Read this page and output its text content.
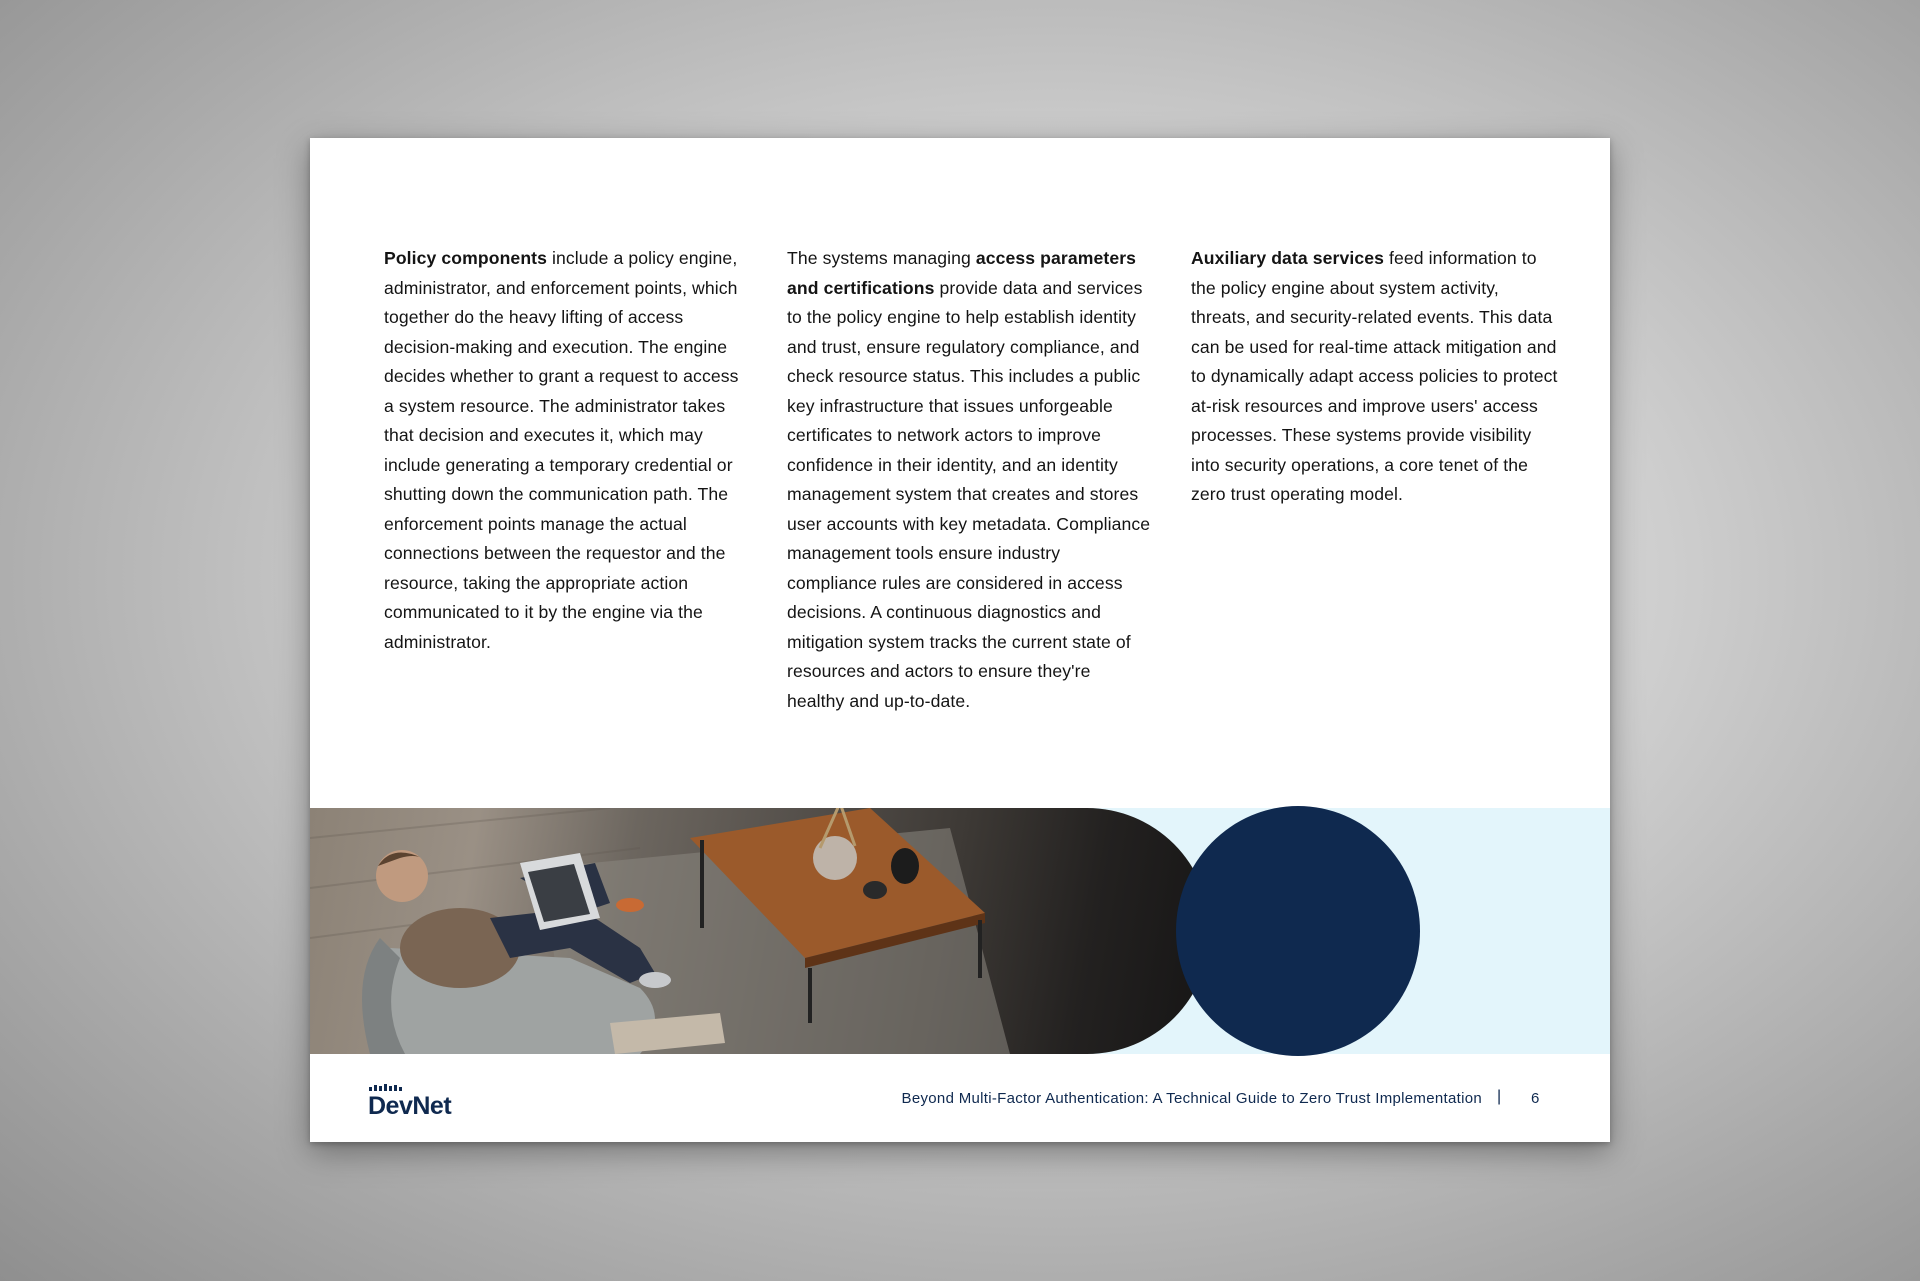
Policy components include a policy engine, administrator, and enforcement points, which together do the heavy lifting of access decision-making and execution. The engine decides whether to grant a request to access a system resource. The administrator takes that decision and executes it, which may include generating a temporary credential or shutting down the communication path. The enforcement points manage the actual connections between the requestor and the resource, taking the appropriate action communicated to it by the engine via the administrator.
The systems managing access parameters and certifications provide data and services to the policy engine to help establish identity and trust, ensure regulatory compliance, and check resource status. This includes a public key infrastructure that issues unforgeable certificates to network actors to improve confidence in their identity, and an identity management system that creates and stores user accounts with key metadata. Compliance management tools ensure industry compliance rules are considered in access decisions. A continuous diagnostics and mitigation system tracks the current state of resources and actors to ensure they're healthy and up-to-date.
Auxiliary data services feed information to the policy engine about system activity, threats, and security-related events. This data can be used for real-time attack mitigation and to dynamically adapt access policies to protect at-risk resources and improve users' access processes. These systems provide visibility into security operations, a core tenet of the zero trust operating model.
DevNet	Beyond Multi-Factor Authentication: A Technical Guide to Zero Trust Implementation | 6
